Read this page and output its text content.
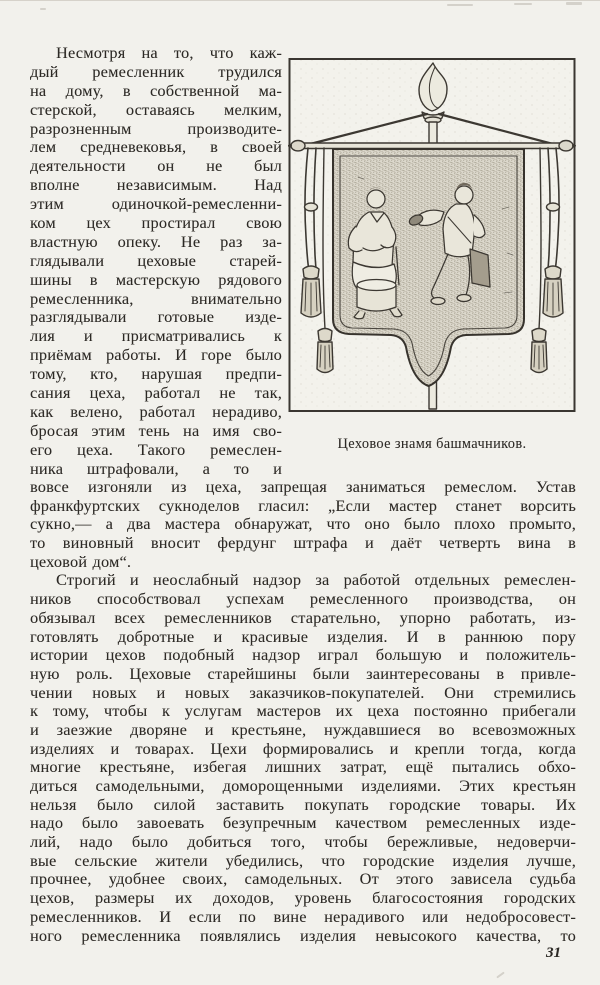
Несмотря на то, что каж-
дый ремесленник трудился
на дому, в собственной ма-
стерской, оставаясь мелким,
разрозненным производите-
лем средневековья, в своей
деятельности он не был
вполне независимым. Над
этим одиночкой-ремесленни-
ком цех простирал свою
властную опеку. Не раз за-
глядывали цеховые старей-
шины в мастерскую рядового
ремесленника, внимательно
разглядывали готовые изде-
лия и присматривались к
приёмам работы. И горе было
тому, кто, нарушая предпи-
сания цеха, работал не так,
как велено, работал нерадиво,
бросая этим тень на имя сво-
его цеха. Такого ремеслен-
ника штрафовали, а то и
вовсе изгоняли из цеха, запрещая заниматься ремеслом. Устав
франкфуртских сукноделов гласил: „Если мастер станет ворсить
сукно,— а два мастера обнаружат, что оно было плохо промыто,
то виновный вносит фердунг штрафа и даёт четверть вина в
цеховой дом“.
Строгий и неослабный надзор за работой отдельных ремеслен-
ников способствовал успехам ремесленного производства, он
обязывал всех ремесленников старательно, упорно работать, из-
готовлять добротные и красивые изделия. И в раннюю пору
истории цехов подобный надзор играл большую и положитель-
ную роль. Цеховые старейшины были заинтересованы в привле-
чении новых и новых заказчиков-покупателей. Они стремились
к тому, чтобы к услугам мастеров их цеха постоянно прибегали
и заезжие дворяне и крестьяне, нуждавшиеся во всевозможных
изделиях и товарах. Цехи формировались и крепли тогда, когда
многие крестьяне, избегая лишних затрат, ещё пытались обхо-
диться самодельными, доморощенными изделиями. Этих крестьян
нельзя было силой заставить покупать городские товары. Их
надо было завоевать безупречным качеством ремесленных изде-
лий, надо было добиться того, чтобы бережливые, недоверчи-
вые сельские жители убедились, что городские изделия лучше,
прочнее, удобнее своих, самодельных. От этого зависела судьба
цехов, размеры их доходов, уровень благосостояния городских
ремесленников. И если по вине нерадивого или недобросовест-
ного ремесленника появлялись изделия невысокого качества, то
Цеховое знамя башмачников.
31
